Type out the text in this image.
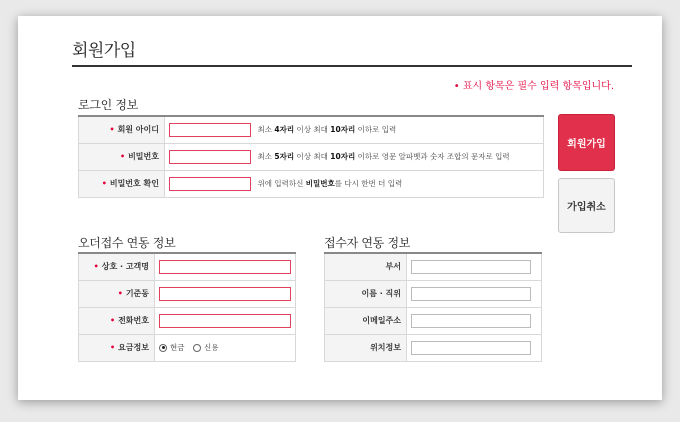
회원가입
• 표시 항목은 필수 입력 항목입니다.
로그인 정보
• 회원 아이디	최소 4자리 이상 최대 10자리 이하로 입력
• 비밀번호	최소 5자리 이상 최대 10자리 이하로 영문 알파벳과 숫자 조합의 문자로 입력
• 비밀번호 확인	위에 입력하신 비밀번호를 다시 한번 더 입력
회원가입
가입취소
오더접수 연동 정보
• 상호 · 고객명	
• 기준동	
• 전화번호	
• 요금정보	현금 신용
접수자 연동 정보
부서	
이름 · 직위	
이메일주소	
위치정보	
